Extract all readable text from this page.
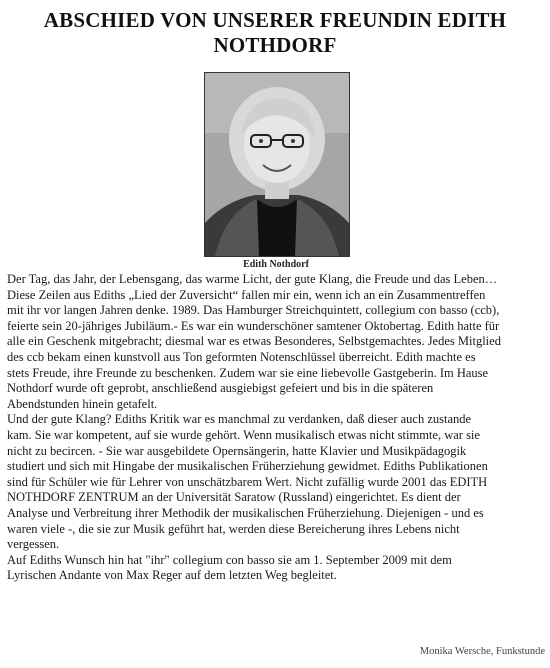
ABSCHIED VON UNSERER FREUNDIN EDITH
NOTHDORF
Edith Nothdorf
Der Tag, das Jahr, der Lebensgang, das warme Licht, der gute Klang, die Freude und das Leben…
Diese Zeilen aus Ediths „Lied der Zuversicht“ fallen mir ein, wenn ich an ein Zusammentreffen
mit ihr vor langen Jahren denke. 1989. Das Hamburger Streichquintett, collegium con basso (ccb),
feierte sein 20-jähriges Jubiläum.- Es war ein wunderschöner samtener Oktobertag. Edith hatte für
alle ein Geschenk mitgebracht; diesmal war es etwas Besonderes, Selbstgemachtes. Jedes Mitglied
des ccb bekam einen kunstvoll aus Ton geformten Notenschlüssel überreicht. Edith machte es
stets Freude, ihre Freunde zu beschenken. Zudem war sie eine liebevolle Gastgeberin. Im Hause
Nothdorf wurde oft geprobt, anschließend ausgiebigst gefeiert und bis in die späteren
Abendstunden hinein getafelt.
Und der gute Klang? Ediths Kritik war es manchmal zu verdanken, daß dieser auch zustande
kam. Sie war kompetent, auf sie wurde gehört. Wenn musikalisch etwas nicht stimmte, war sie
nicht zu becircen. - Sie war ausgebildete Opernsängerin, hatte Klavier und Musikpädagogik
studiert und sich mit Hingabe der musikalischen Früherziehung gewidmet. Ediths Publikationen
sind für Schüler wie für Lehrer von unschätzbarem Wert. Nicht zufällig wurde 2001 das EDITH
NOTHDORF ZENTRUM an der Universität Saratow (Russland) eingerichtet. Es dient der
Analyse und Verbreitung ihrer Methodik der musikalischen Früherziehung. Diejenigen - und es
waren viele -, die sie zur Musik geführt hat, werden diese Bereicherung ihres Lebens nicht
vergessen.
Auf Ediths Wunsch hin hat "ihr" collegium con basso sie am 1. September 2009 mit dem
Lyrischen Andante von Max Reger auf dem letzten Weg begleitet.
Monika Wersche, Funkstunde
